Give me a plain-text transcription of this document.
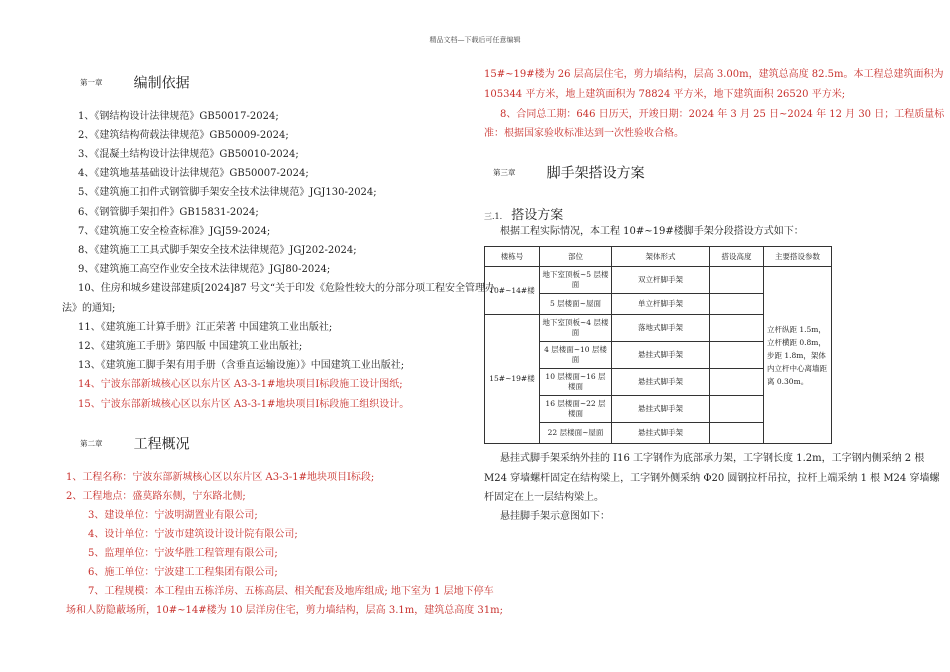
精品文档—下载后可任意编辑
第一章 编制依据
1、《钢结构设计法律规范》GB50017-2024;
2、《建筑结构荷载法律规范》GB50009-2024;
3、《混凝土结构设计法律规范》GB50010-2024;
4、《建筑地基基础设计法律规范》GB50007-2024;
5、《建筑施工扣件式钢管脚手架安全技术法律规范》JGJ130-2024;
6、《钢管脚手架扣件》GB15831-2024;
7、《建筑施工安全检查标准》JGJ59-2024;
8、《建筑施工工具式脚手架安全技术法律规范》JGJ202-2024;
9、《建筑施工高空作业安全技术法律规范》JGJ80-2024;
10、住房和城乡建设部建质[2024]87 号文“关于印发《危险性较大的分部分项工程安全管理办
法》的通知;
11、《建筑施工计算手册》江正荣著 中国建筑工业出版社;
12、《建筑施工手册》第四版 中国建筑工业出版社;
13、《建筑施工脚手架有用手册（含垂直运输设施）》中国建筑工业出版社;
14、宁波东部新城核心区以东片区 A3-3-1#地块项目Ⅰ标段施工设计图纸;
15、宁波东部新城核心区以东片区 A3-3-1#地块项目Ⅰ标段施工组织设计。
第二章 工程概况
1、工程名称：宁波东部新城核心区以东片区 A3-3-1#地块项目Ⅰ标段;
2、工程地点：盛莫路东侧，宁东路北侧;
3、建设单位：宁波明湖置业有限公司;
4、设计单位：宁波市建筑设计设计院有限公司;
5、监理单位：宁波华胜工程管理有限公司;
6、施工单位：宁波建工工程集团有限公司;
7、工程规模：本工程由五栋洋房、五栋高层、相关配套及地库组成; 地下室为 1 层地下停车
场和人防隐蔽场所，10#~14#楼为 10 层洋房住宅，剪力墙结构，层高 3.1m，建筑总高度 31m;
15#~19#楼为 26 层高层住宅，剪力墙结构，层高 3.00m，建筑总高度 82.5m。本工程总建筑面积为
105344 平方米，地上建筑面积为 78824 平方米，地下建筑面积 26520 平方米;
8、合同总工期：646 日历天，开竣日期：2024 年 3 月 25 日~2024 年 12 月 30 日；工程质量标
准：根据国家验收标准达到一次性验收合格。
第三章 脚手架搭设方案
三.1. 搭设方案
根据工程实际情况，本工程 10#~19#楼脚手架分段搭设方式如下：
楼栋号	部位	架体形式	搭设高度	主要搭设参数
10#~14#楼	地下室顶板~5 层楼面	双立杆脚手架		立杆纵距 1.5m，立杆横距 0.8m，步距 1.8m，架体内立杆中心离墙距离 0.30m。
	5 层楼面~屋面	单立杆脚手架		
15#~19#楼	地下室顶板~4 层楼面	落地式脚手架		
	4 层楼面~10 层楼面	悬挂式脚手架		
	10 层楼面~16 层楼面	悬挂式脚手架		
	16 层楼面~22 层楼面	悬挂式脚手架		
	22 层楼面~屋面	悬挂式脚手架		
悬挂式脚手架采纳外挂的 I16 工字钢作为底部承力架，工字钢长度 1.2m，工字钢内侧采纳 2 根
M24 穿墙螺杆固定在结构梁上，工字钢外侧采纳 Φ20 圆钢拉杆吊拉，拉杆上端采纳 1 根 M24 穿墙螺
杆固定在上一层结构梁上。
悬挂脚手架示意图如下：
